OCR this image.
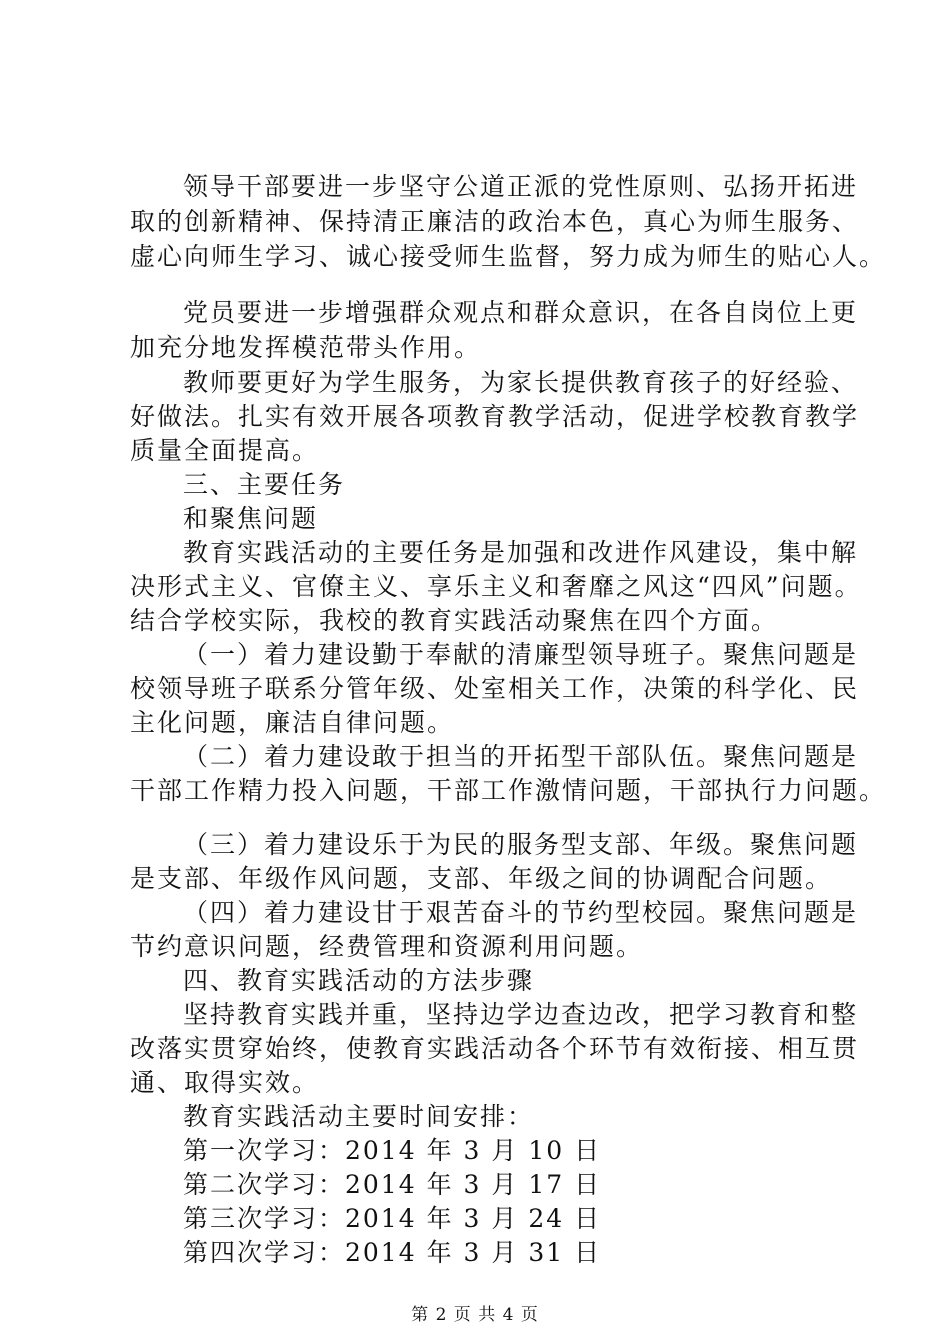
领导干部要进一步坚守公道正派的党性原则、弘扬开拓进
取的创新精神、保持清正廉洁的政治本色，真心为师生服务、
虚心向师生学习、诚心接受师生监督，努力成为师生的贴心人。
党员要进一步增强群众观点和群众意识，在各自岗位上更
加充分地发挥模范带头作用。
教师要更好为学生服务，为家长提供教育孩子的好经验、
好做法。扎实有效开展各项教育教学活动，促进学校教育教学
质量全面提高。
三、主要任务
和聚焦问题
教育实践活动的主要任务是加强和改进作风建设，集中解
决形式主义、官僚主义、享乐主义和奢靡之风这“四风”问题。
结合学校实际，我校的教育实践活动聚焦在四个方面。
（一）着力建设勤于奉献的清廉型领导班子。聚焦问题是
校领导班子联系分管年级、处室相关工作，决策的科学化、民
主化问题，廉洁自律问题。
（二）着力建设敢于担当的开拓型干部队伍。聚焦问题是
干部工作精力投入问题，干部工作激情问题，干部执行力问题。
（三）着力建设乐于为民的服务型支部、年级。聚焦问题
是支部、年级作风问题，支部、年级之间的协调配合问题。
（四）着力建设甘于艰苦奋斗的节约型校园。聚焦问题是
节约意识问题，经费管理和资源利用问题。
四、教育实践活动的方法步骤
坚持教育实践并重，坚持边学边查边改，把学习教育和整
改落实贯穿始终，使教育实践活动各个环节有效衔接、相互贯
通、取得实效。
教育实践活动主要时间安排：
第一次学习：2014 年 3 月 10 日
第二次学习：2014 年 3 月 17 日
第三次学习：2014 年 3 月 24 日
第四次学习：2014 年 3 月 31 日
第 2 页 共 4 页
